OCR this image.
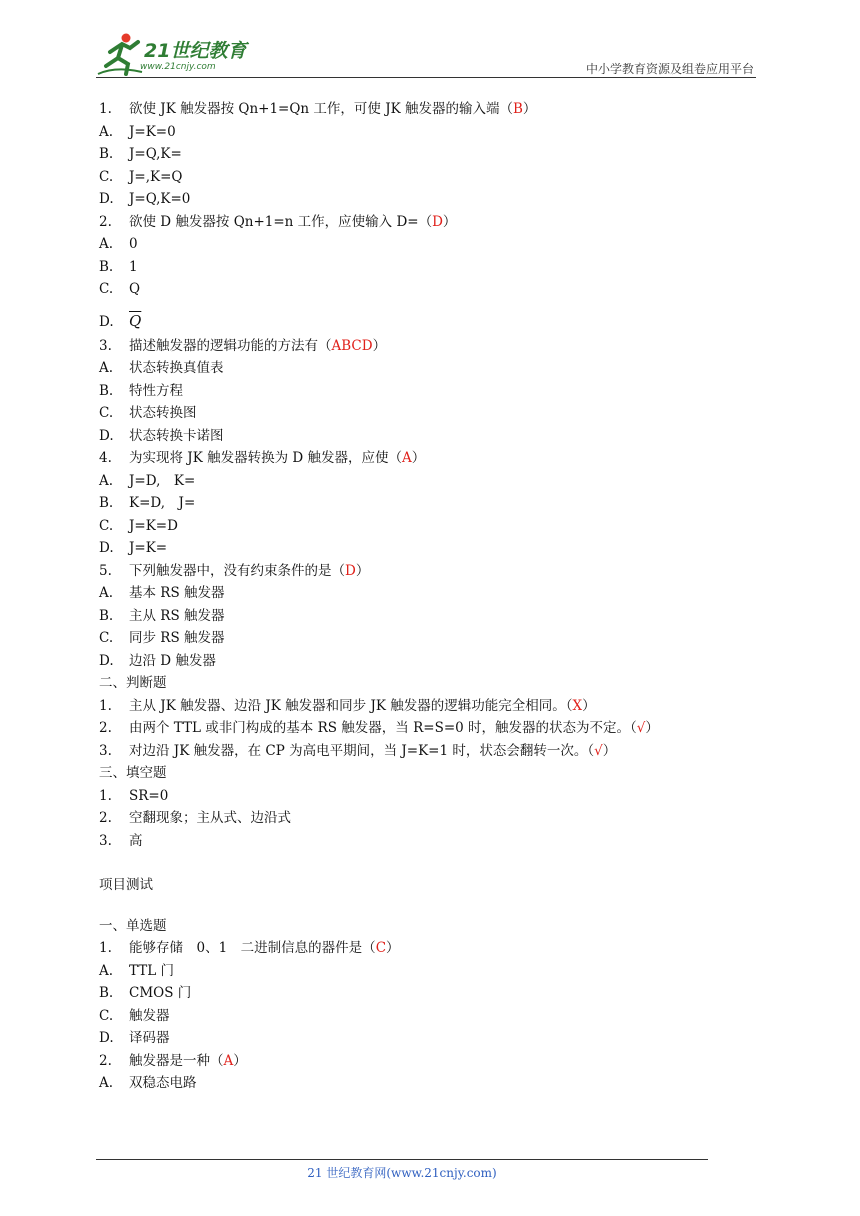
21世纪教育
www.21cnjy.com	中小学教育资源及组卷应用平台
1. 欲使 JK 触发器按 Qn+1=Qn 工作，可使 JK 触发器的输入端（B）
A. J=K=0
B. J=Q,K=
C. J=,K=Q
D. J=Q,K=0
2. 欲使 D 触发器按 Qn+1=n 工作，应使输入 D=（D）
A. 0
B. 1
C. Q
D. $\overline{Q}$
3. 描述触发器的逻辑功能的方法有（ABCD）
A. 状态转换真值表
B. 特性方程
C. 状态转换图
D. 状态转换卡诺图
4. 为实现将 JK 触发器转换为 D 触发器，应使（A）
A. J=D,　K=
B. K=D,　J=
C. J=K=D
D. J=K=
5. 下列触发器中，没有约束条件的是（D）
A. 基本 RS 触发器
B. 主从 RS 触发器
C. 同步 RS 触发器
D. 边沿 D 触发器
二、判断题
1. 主从 JK 触发器、边沿 JK 触发器和同步 JK 触发器的逻辑功能完全相同。（X）
2. 由两个 TTL 或非门构成的基本 RS 触发器，当 R=S=0 时，触发器的状态为不定。（√）
3. 对边沿 JK 触发器，在 CP 为高电平期间，当 J=K=1 时，状态会翻转一次。（√）
三、填空题
1. SR=0
2. 空翻现象；主从式、边沿式
3. 高
项目测试
一、单选题
1. 能够存储　0、1　二进制信息的器件是（C）
A. TTL 门
B. CMOS 门
C. 触发器
D. 译码器
2. 触发器是一种（A）
A. 双稳态电路
21 世纪教育网(www.21cnjy.com)
